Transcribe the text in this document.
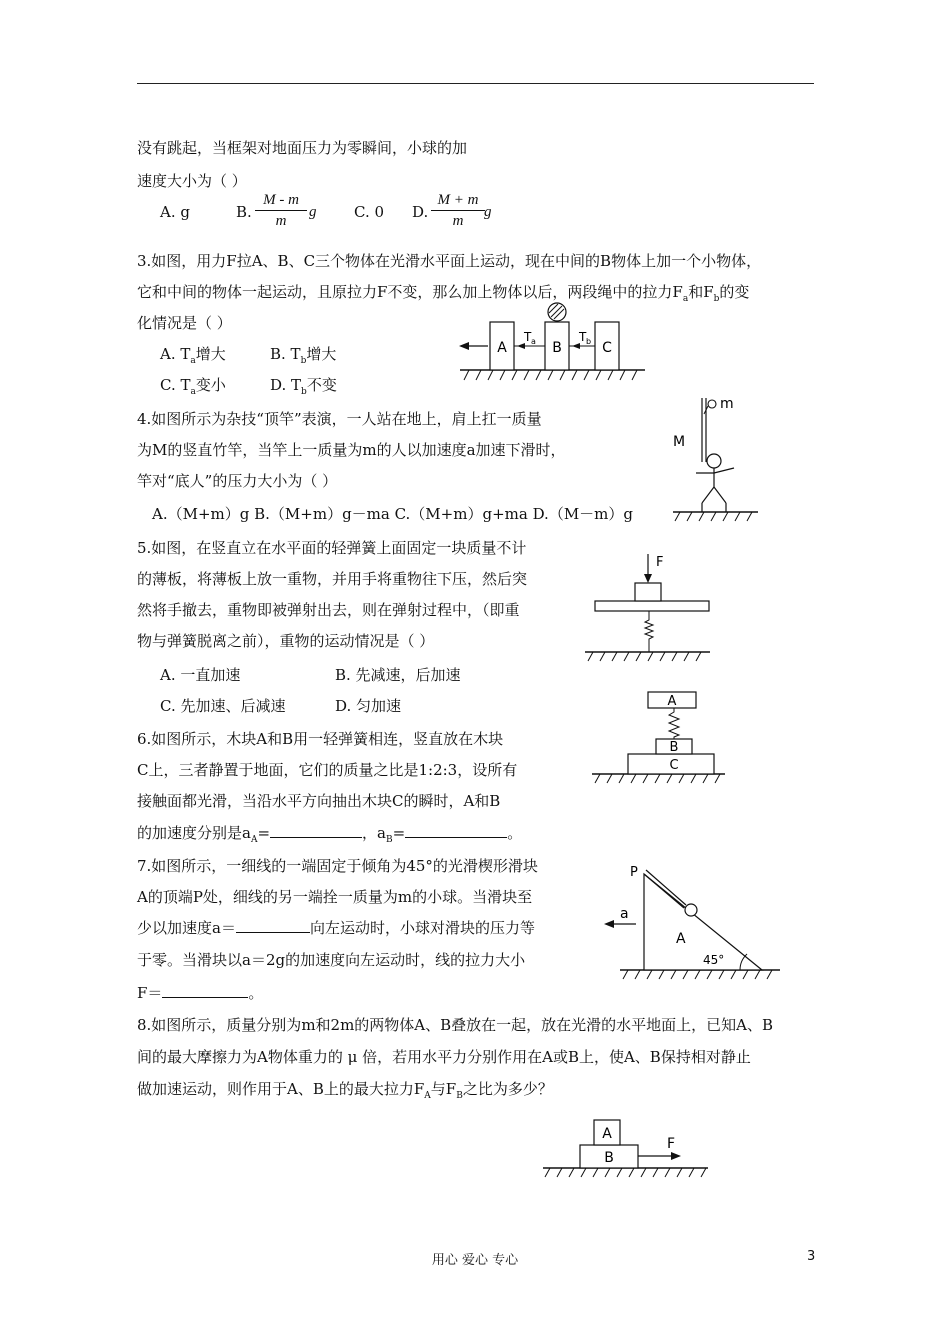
没有跳起，当框架对地面压力为零瞬间，小球的加
速度大小为（ ）
A. g	B.
M - m
m
g	C. 0 D.
M + m
m
g
3.如图，用力F拉A、B、C三个物体在光滑水平面上运动，现在中间的B物体上加一个小物体，
它和中间的物体一起运动，且原拉力F不变，那么加上物体以后，两段绳中的拉力$F_a$和$F_b$的变
化情况是（ ）
A. $T_a$增大	B. $T_b$增大
C. $T_a$变小	D. $T_b$不变
A	B	C
T a	T b
4.如图所示为杂技“顶竿”表演，一人站在地上，肩上扛一质量
为M的竖直竹竿，当竿上一质量为m的人以加速度a加速下滑时，
竿对“底人”的压力大小为（ ）
A.（M+m）g B.（M+m）g－ma C.（M+m）g+ma D.（M－m）g
m
M
5.如图，在竖直立在水平面的轻弹簧上面固定一块质量不计
的薄板，将薄板上放一重物，并用手将重物往下压，然后突
然将手撤去，重物即被弹射出去，则在弹射过程中，（即重
物与弹簧脱离之前），重物的运动情况是（ ）
A. 一直加速	B. 先减速，后加速
C. 先加速、后减速	D. 匀加速
F
6.如图所示，木块A和B用一轻弹簧相连，竖直放在木块
C上，三者静置于地面，它们的质量之比是1:2:3，设所有
接触面都光滑，当沿水平方向抽出木块C的瞬时，A和B
的加速度分别是$a_A=$	，$a_B=$	。
A
B
C
7.如图所示，一细线的一端固定于倾角为45°的光滑楔形滑块
A的顶端P处，细线的另一端拴一质量为m的小球。当滑块至
少以加速度a＝	向左运动时，小球对滑块的压力等
于零。当滑块以a＝2g的加速度向左运动时，线的拉力大小
F＝	。
P
a
A
45°
8.如图所示，质量分别为m和2m的两物体A、B叠放在一起，放在光滑的水平地面上，已知A、B
间的最大摩擦力为A物体重力的 μ 倍，若用水平力分别作用在A或B上，使A、B保持相对静止
做加速运动，则作用于A、B上的最大拉力$F_A$与$F_B$之比为多少？
A
B
F
用心 爱心 专心	3
